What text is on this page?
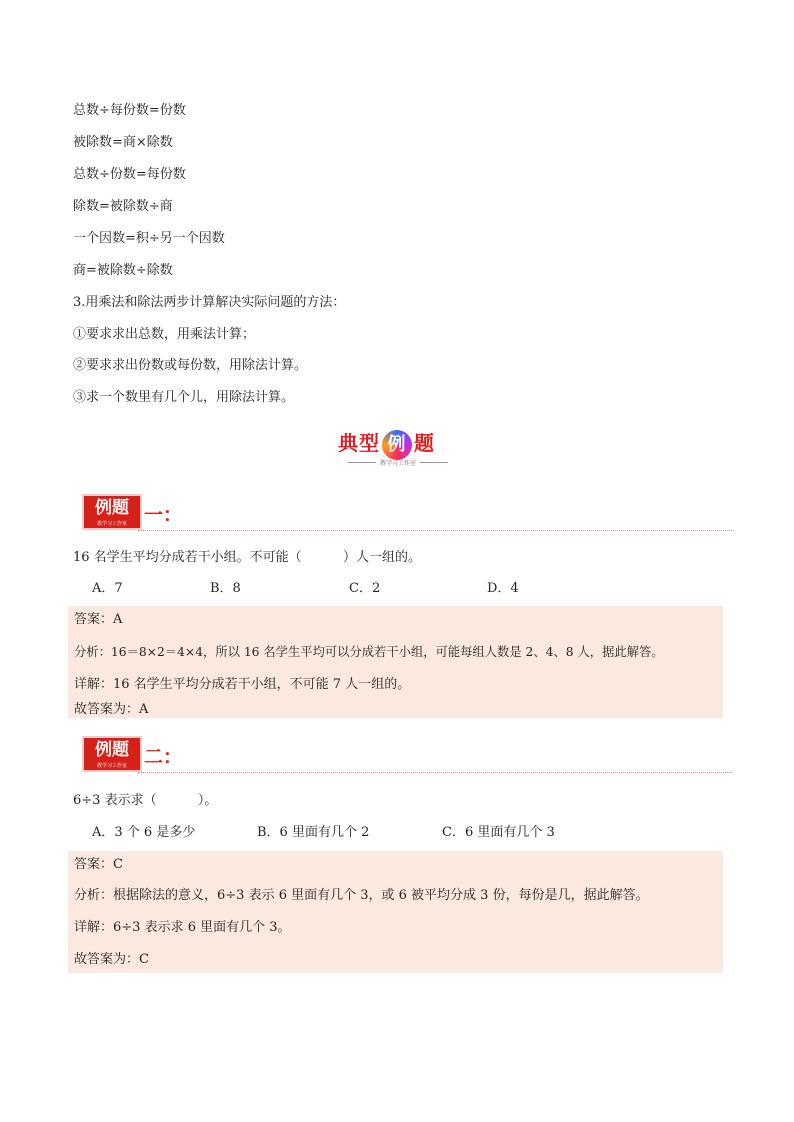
总数÷每份数=份数
被除数=商×除数
总数÷份数=每份数
除数=被除数÷商
一个因数=积÷另一个因数
商=被除数÷除数
3.用乘法和除法两步计算解决实际问题的方法：
①要求求出总数，用乘法计算；
②要求求出份数或每份数，用除法计算。
③求一个数里有几个儿，用除法计算。
典型 例 题
教学习工作室
例题
教学习工作室 一：
16 名学生平均分成若干小组。不可能（          ）人一组的。
A．7	B．8	C．2	D．4
答案：A
分析：16＝8×2＝4×4，所以 16 名学生平均可以分成若干小组，可能每组人数是 2、4、8 人，据此解答。
详解：16 名学生平均分成若干小组，不可能 7 人一组的。
故答案为：A
例题
教学习工作室 二：
6÷3 表示求（          ）。
A．3 个 6 是多少	B．6 里面有几个 2	C．6 里面有几个 3
答案：C
分析：根据除法的意义，6÷3 表示 6 里面有几个 3，或 6 被平均分成 3 份，每份是几，据此解答。
详解：6÷3 表示求 6 里面有几个 3。
故答案为：C
